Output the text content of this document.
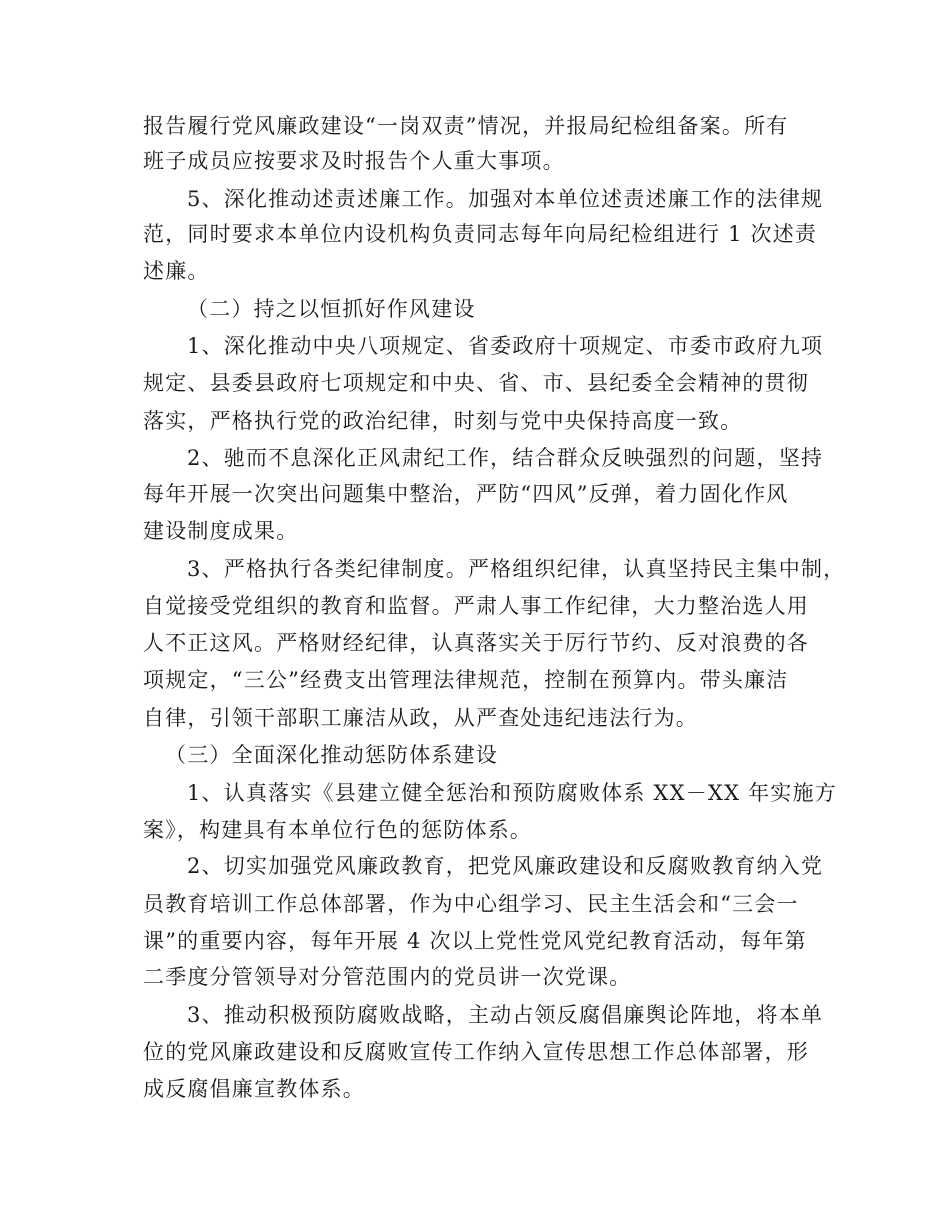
报告履行党风廉政建设“一岗双责”情况，并报局纪检组备案。所有
班子成员应按要求及时报告个人重大事项。
5、深化推动述责述廉工作。加强对本单位述责述廉工作的法律规
范，同时要求本单位内设机构负责同志每年向局纪检组进行 1 次述责
述廉。
（二）持之以恒抓好作风建设
1、深化推动中央八项规定、省委政府十项规定、市委市政府九项
规定、县委县政府七项规定和中央、省、市、县纪委全会精神的贯彻
落实，严格执行党的政治纪律，时刻与党中央保持高度一致。
2、驰而不息深化正风肃纪工作，结合群众反映强烈的问题，坚持
每年开展一次突出问题集中整治，严防“四风”反弹，着力固化作风
建设制度成果。
3、严格执行各类纪律制度。严格组织纪律，认真坚持民主集中制，
自觉接受党组织的教育和监督。严肃人事工作纪律，大力整治选人用
人不正这风。严格财经纪律，认真落实关于厉行节约、反对浪费的各
项规定，“三公”经费支出管理法律规范，控制在预算内。带头廉洁
自律，引领干部职工廉洁从政，从严查处违纪违法行为。
（三）全面深化推动惩防体系建设
1、认真落实《县建立健全惩治和预防腐败体系 XX－XX 年实施方
案》，构建具有本单位行色的惩防体系。
2、切实加强党风廉政教育，把党风廉政建设和反腐败教育纳入党
员教育培训工作总体部署，作为中心组学习、民主生活会和“三会一
课”的重要内容，每年开展 4 次以上党性党风党纪教育活动，每年第
二季度分管领导对分管范围内的党员讲一次党课。
3、推动积极预防腐败战略，主动占领反腐倡廉舆论阵地，将本单
位的党风廉政建设和反腐败宣传工作纳入宣传思想工作总体部署，形
成反腐倡廉宣教体系。
